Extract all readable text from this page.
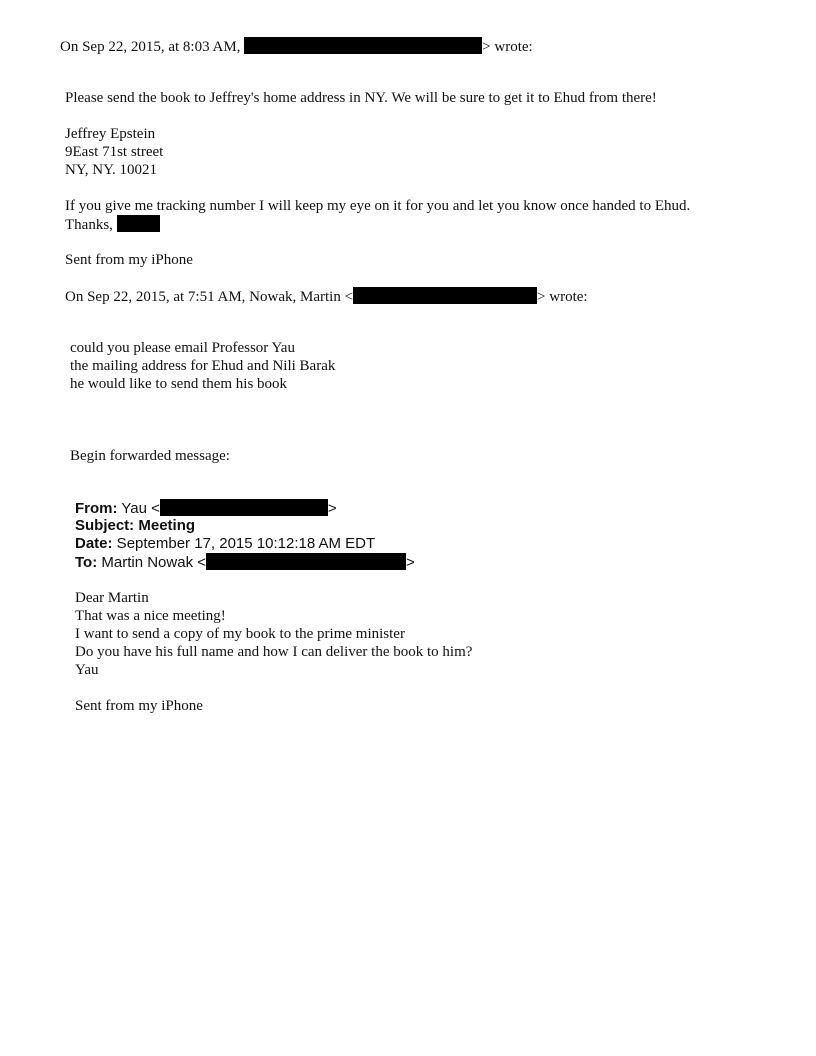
On Sep 22, 2015, at 8:03 AM,	> wrote:
Please send the book to Jeffrey's home address in NY. We will be sure to get it to Ehud from there!
Jeffrey Epstein
9East 71st street
NY, NY. 10021
If you give me tracking number I will keep my eye on it for you and let you know once handed to Ehud.
Thanks,
Sent from my iPhone
On Sep 22, 2015, at 7:51 AM, Nowak, Martin <	> wrote:
could you please email Professor Yau
the mailing address for Ehud and Nili Barak
he would like to send them his book
Begin forwarded message:
From: Yau <	>
Subject: Meeting
Date: September 17, 2015 10:12:18 AM EDT
To: Martin Nowak <	>
Dear Martin
That was a nice meeting!
I want to send a copy of my book to the prime minister
Do you have his full name and how I can deliver the book to him?
Yau
Sent from my iPhone
